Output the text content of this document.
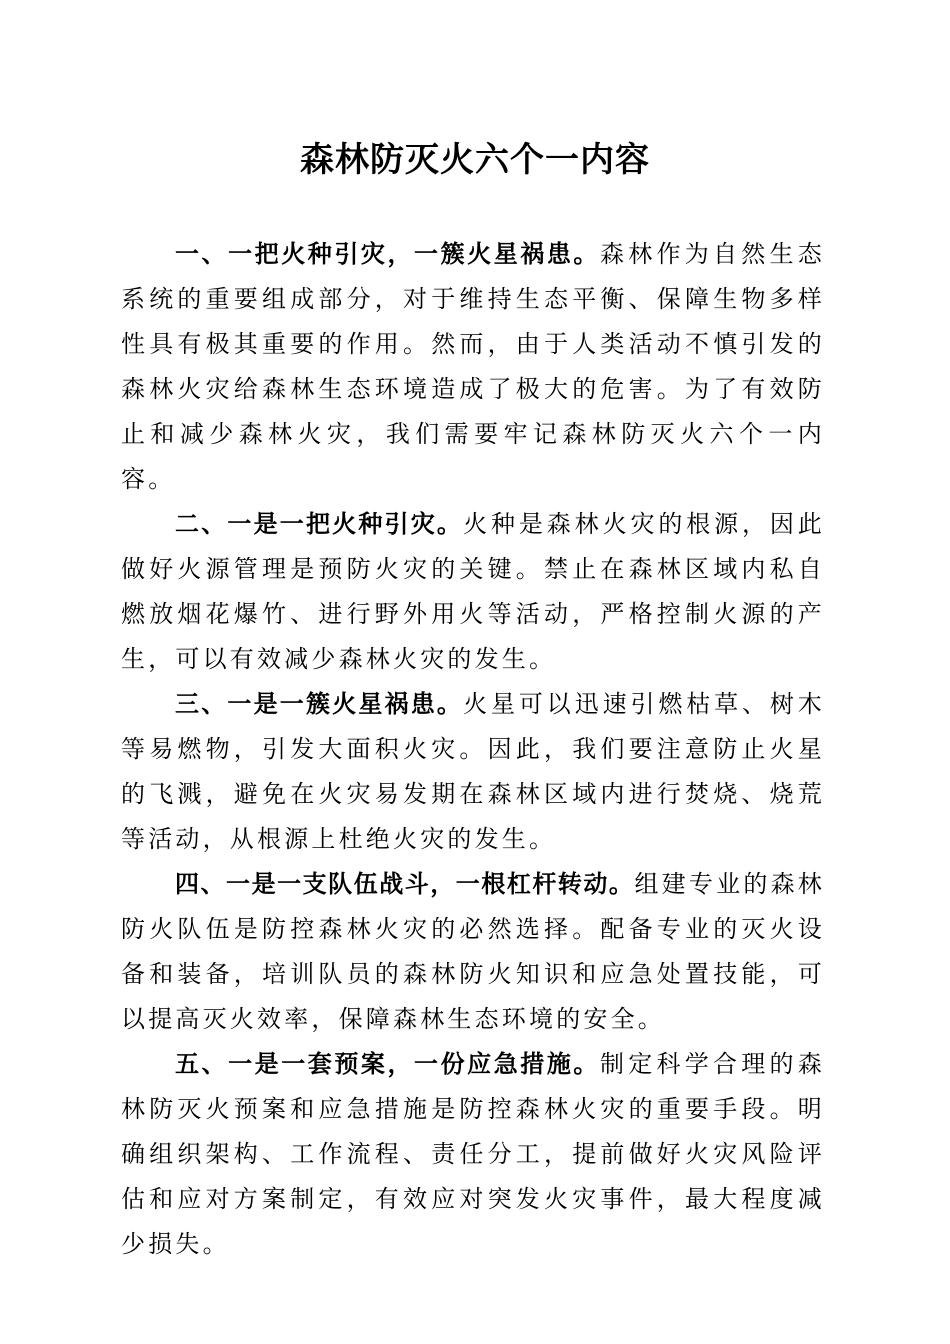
森林防灭火六个一内容

一、一把火种引灾，一簇火星祸患。森林作为自然生态系统的重要组成部分，对于维持生态平衡、保障生物多样性具有极其重要的作用。然而，由于人类活动不慎引发的森林火灾给森林生态环境造成了极大的危害。为了有效防止和减少森林火灾，我们需要牢记森林防灭火六个一内容。

二、一是一把火种引灾。火种是森林火灾的根源，因此做好火源管理是预防火灾的关键。禁止在森林区域内私自燃放烟花爆竹、进行野外用火等活动，严格控制火源的产生，可以有效减少森林火灾的发生。

三、一是一簇火星祸患。火星可以迅速引燃枯草、树木等易燃物，引发大面积火灾。因此，我们要注意防止火星的飞溅，避免在火灾易发期在森林区域内进行焚烧、烧荒等活动，从根源上杜绝火灾的发生。

四、一是一支队伍战斗，一根杠杆转动。组建专业的森林防火队伍是防控森林火灾的必然选择。配备专业的灭火设备和装备，培训队员的森林防火知识和应急处置技能，可以提高灭火效率，保障森林生态环境的安全。

五、一是一套预案，一份应急措施。制定科学合理的森林防灭火预案和应急措施是防控森林火灾的重要手段。明确组织架构、工作流程、责任分工，提前做好火灾风险评估和应对方案制定，有效应对突发火灾事件，最大程度减少损失。
